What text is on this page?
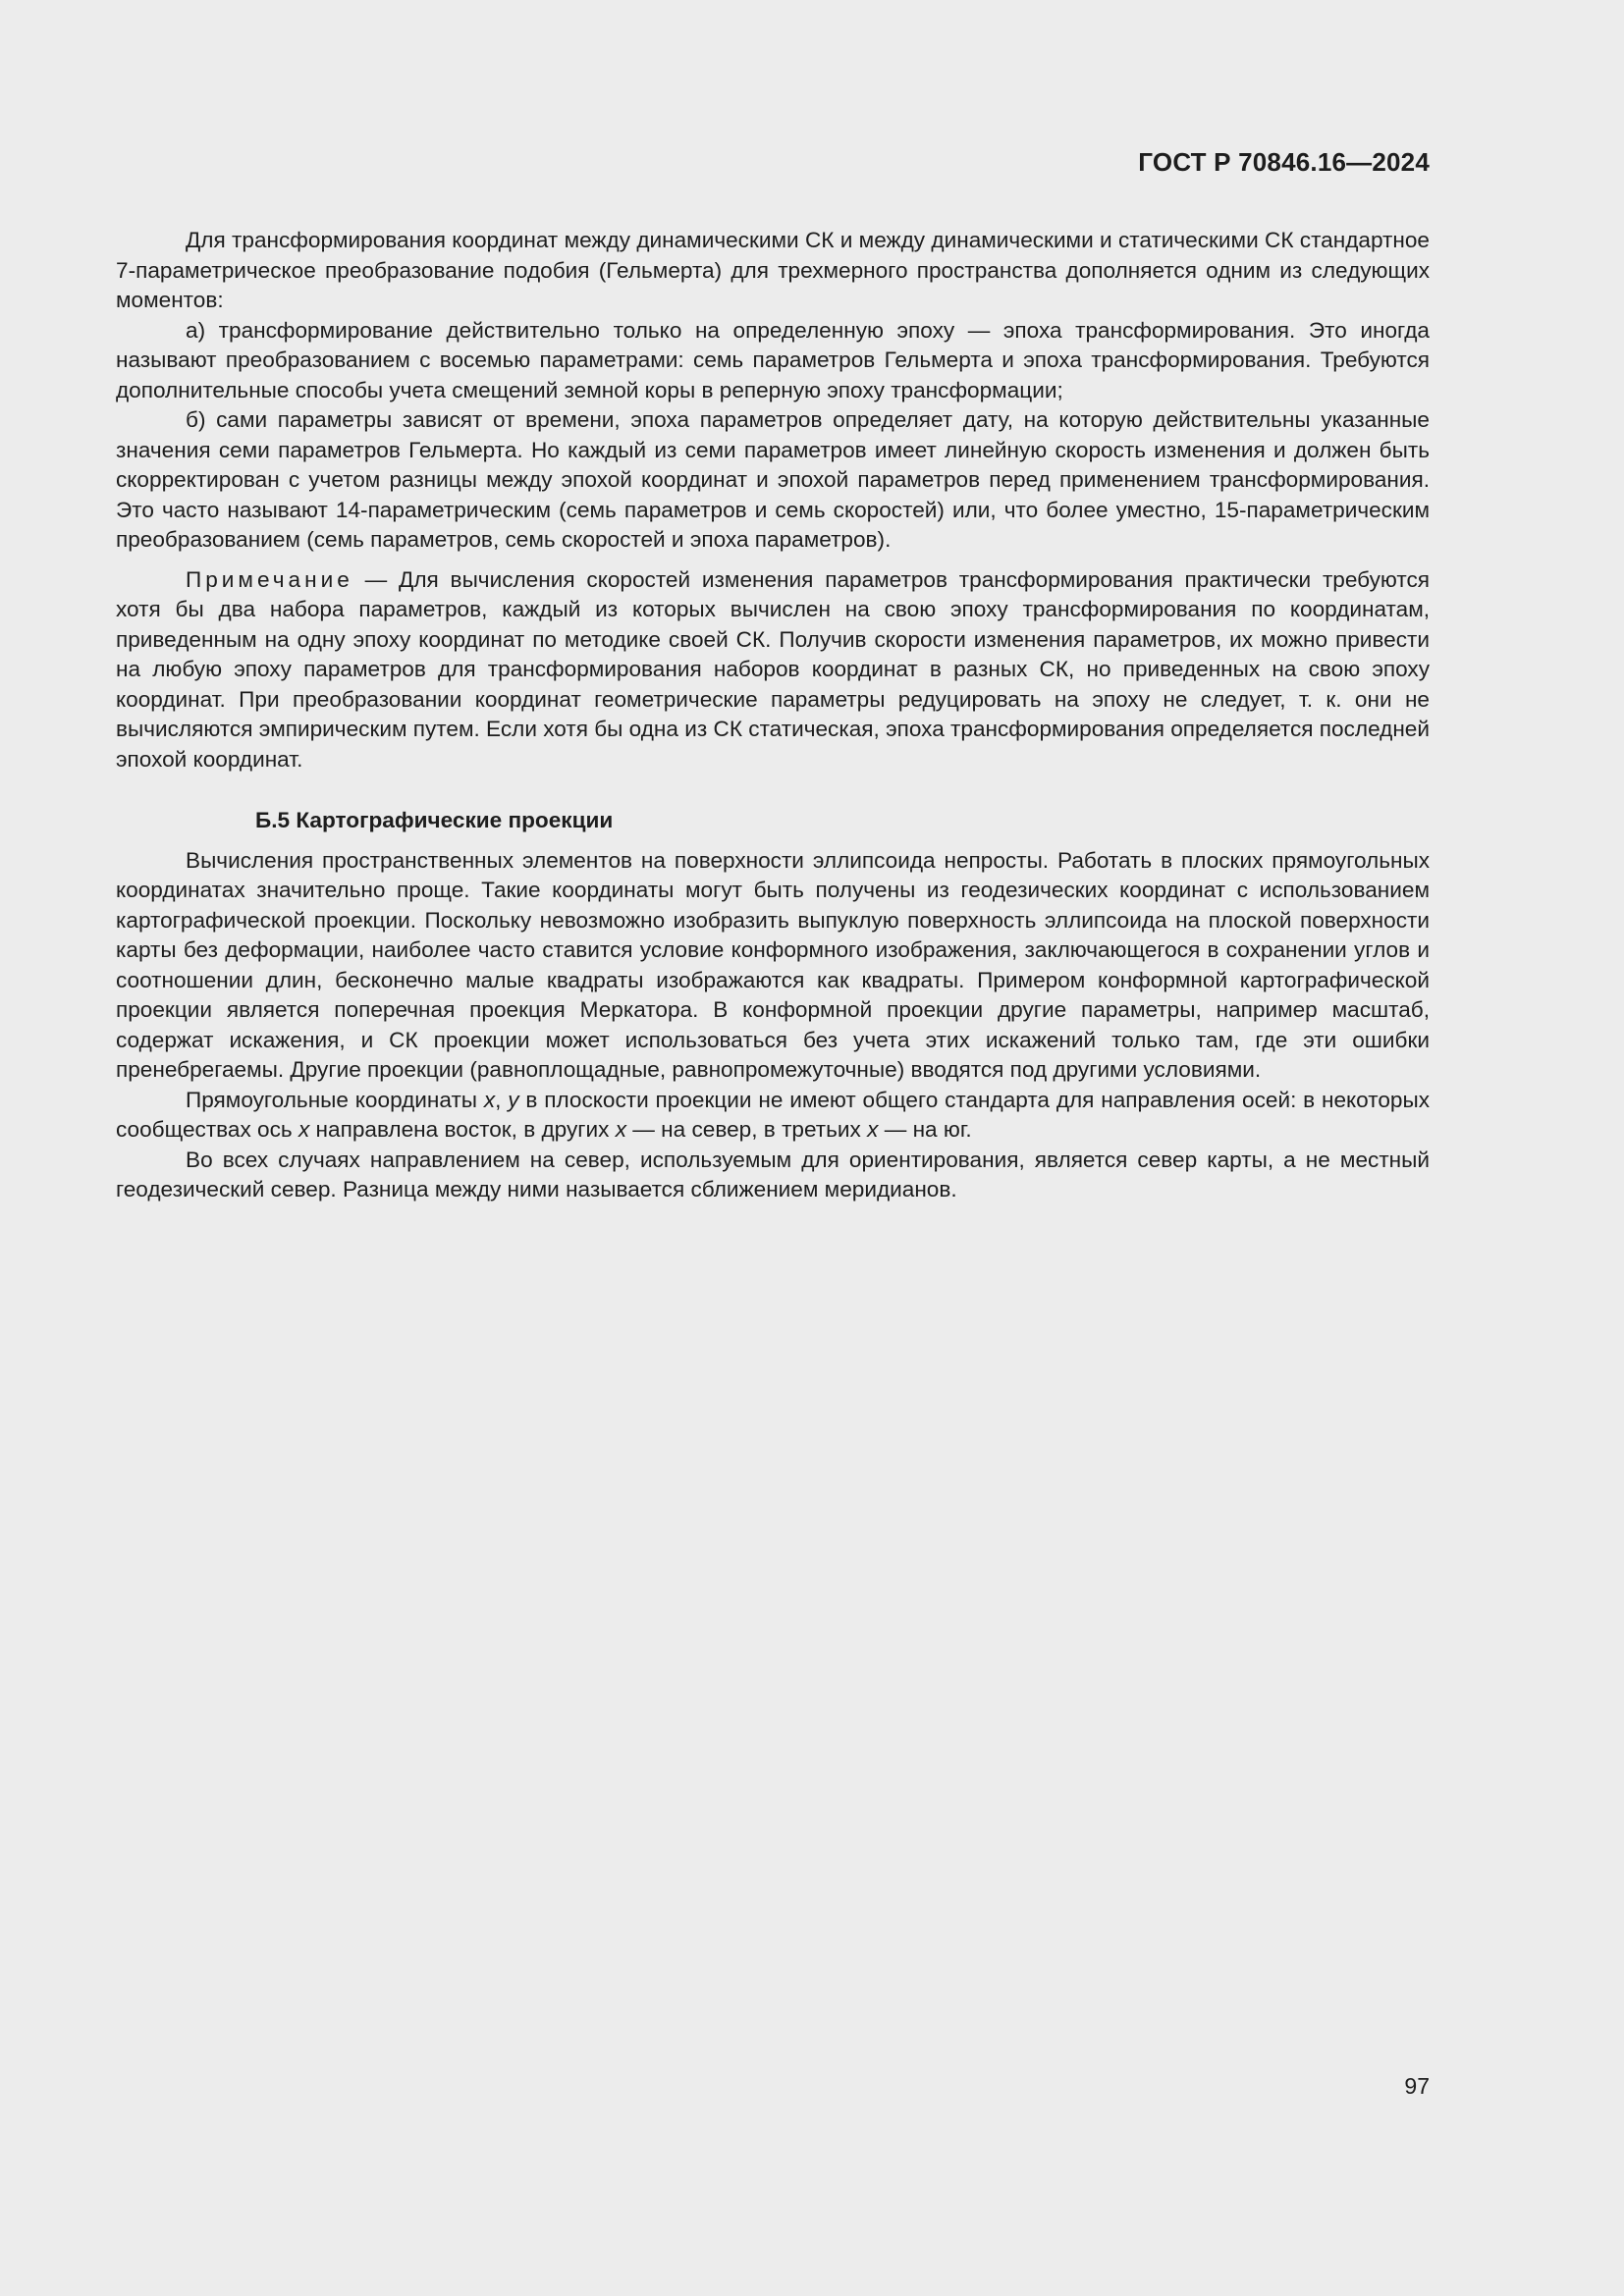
ГОСТ Р 70846.16—2024

Для трансформирования координат между динамическими СК и между динамическими и статическими СК стандартное 7-параметрическое преобразование подобия (Гельмерта) для трехмерного пространства дополняется одним из следующих моментов:

а) трансформирование действительно только на определенную эпоху — эпоха трансформирования. Это иногда называют преобразованием с восемью параметрами: семь параметров Гельмерта и эпоха трансформирования. Требуются дополнительные способы учета смещений земной коры в реперную эпоху трансформации;

б) сами параметры зависят от времени, эпоха параметров определяет дату, на которую действительны указанные значения семи параметров Гельмерта. Но каждый из семи параметров имеет линейную скорость изменения и должен быть скорректирован с учетом разницы между эпохой координат и эпохой параметров перед применением трансформирования. Это часто называют 14-параметрическим (семь параметров и семь скоростей) или, что более уместно, 15-параметрическим преобразованием (семь параметров, семь скоростей и эпоха параметров).

Примечание — Для вычисления скоростей изменения параметров трансформирования практически требуются хотя бы два набора параметров, каждый из которых вычислен на свою эпоху трансформирования по координатам, приведенным на одну эпоху координат по методике своей СК. Получив скорости изменения параметров, их можно привести на любую эпоху параметров для трансформирования наборов координат в разных СК, но приведенных на свою эпоху координат. При преобразовании координат геометрические параметры редуцировать на эпоху не следует, т. к. они не вычисляются эмпирическим путем. Если хотя бы одна из СК статическая, эпоха трансформирования определяется последней эпохой координат.

Б.5 Картографические проекции

Вычисления пространственных элементов на поверхности эллипсоида непросты. Работать в плоских прямоугольных координатах значительно проще. Такие координаты могут быть получены из геодезических координат с использованием картографической проекции. Поскольку невозможно изобразить выпуклую поверхность эллипсоида на плоской поверхности карты без деформации, наиболее часто ставится условие конформного изображения, заключающегося в сохранении углов и соотношении длин, бесконечно малые квадраты изображаются как квадраты. Примером конформной картографической проекции является поперечная проекция Меркатора. В конформной проекции другие параметры, например масштаб, содержат искажения, и СК проекции может использоваться без учета этих искажений только там, где эти ошибки пренебрегаемы. Другие проекции (равноплощадные, равнопромежуточные) вводятся под другими условиями.

Прямоугольные координаты x, y в плоскости проекции не имеют общего стандарта для направления осей: в некоторых сообществах ось x направлена восток, в других x — на север, в третьих x — на юг.

Во всех случаях направлением на север, используемым для ориентирования, является север карты, а не местный геодезический север. Разница между ними называется сближением меридианов.

97
